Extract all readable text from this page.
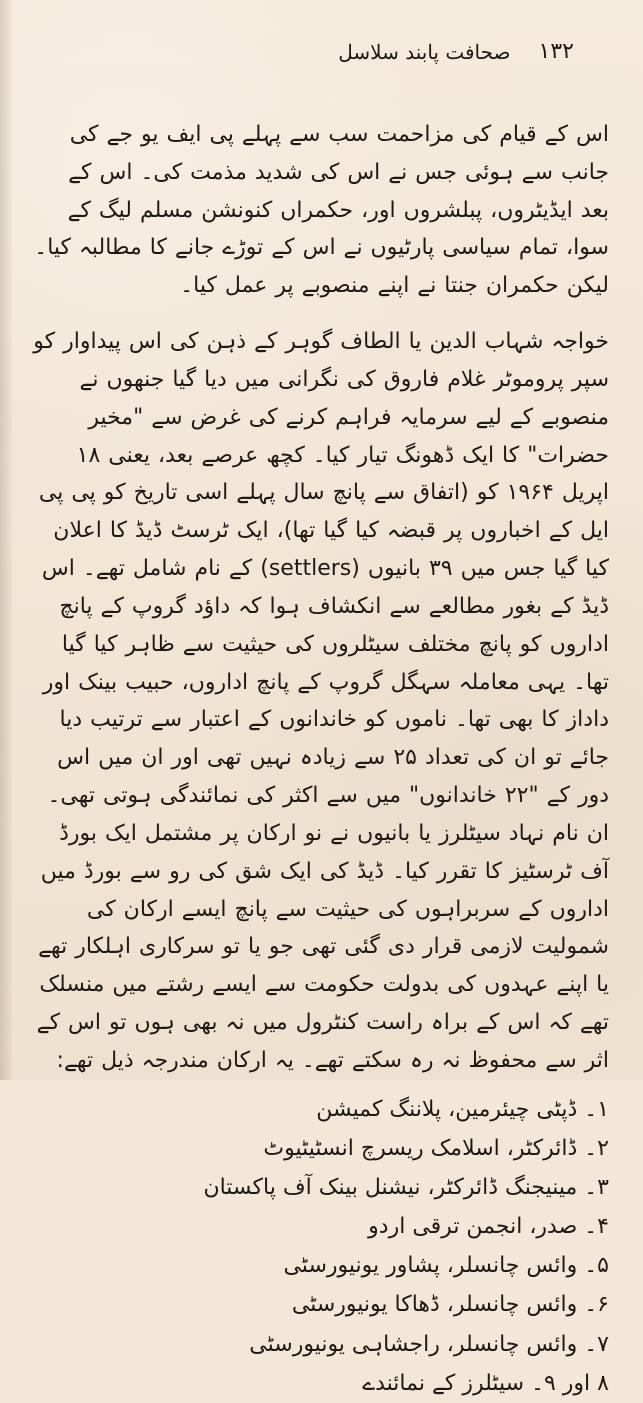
١٣٢
صحافت پابند سلاسل

اس کے قیام کی مزاحمت سب سے پہلے پی ایف یو جے کی جانب سے ہوئی جس نے اس کی شدید مذمت کی۔ اس کے بعد ایڈیٹروں، پبلشروں اور، حکمراں کنونشن مسلم لیگ کے سوا، تمام سیاسی پارٹیوں نے اس کے توڑے جانے کا مطالبہ کیا۔ لیکن حکمران جنتا نے اپنے منصوبے پر عمل کیا۔

خواجہ شہاب الدین یا الطاف گوہر کے ذہن کی اس پیداوار کو سپر پروموٹر غلام فاروق کی نگرانی میں دیا گیا جنھوں نے منصوبے کے لیے سرمایہ فراہم کرنے کی غرض سے "مخیر حضرات" کا ایک ڈھونگ تیار کیا۔ کچھ عرصے بعد، یعنی ۱۸ اپریل ۱۹۶۴ کو (اتفاق سے پانچ سال پہلے اسی تاریخ کو پی پی ایل کے اخباروں پر قبضہ کیا گیا تھا)، ایک ٹرسٹ ڈیڈ کا اعلان کیا گیا جس میں ۳۹ بانیوں (settlers) کے نام شامل تھے۔ اس ڈیڈ کے بغور مطالعے سے انکشاف ہوا کہ داؤد گروپ کے پانچ اداروں کو پانچ مختلف سیٹلروں کی حیثیت سے ظاہر کیا گیا تھا۔ یہی معاملہ سہگل گروپ کے پانچ اداروں، حبیب بینک اور داداز کا بھی تھا۔ ناموں کو خاندانوں کے اعتبار سے ترتیب دیا جائے تو ان کی تعداد ۲۵ سے زیادہ نہیں تھی اور ان میں اس دور کے "۲۲ خاندانوں" میں سے اکثر کی نمائندگی ہوتی تھی۔ ان نام نہاد سیٹلرز یا بانیوں نے نو ارکان پر مشتمل ایک بورڈ آف ٹرسٹیز کا تقرر کیا۔ ڈیڈ کی ایک شق کی رو سے بورڈ میں اداروں کے سربراہوں کی حیثیت سے پانچ ایسے ارکان کی شمولیت لازمی قرار دی گئی تھی جو یا تو سرکاری اہلکار تھے یا اپنے عہدوں کی بدولت حکومت سے ایسے رشتے میں منسلک تھے کہ اس کے براہ راست کنٹرول میں نہ بھی ہوں تو اس کے اثر سے محفوظ نہ رہ سکتے تھے۔ یہ ارکان مندرجہ ذیل تھے:

۱۔ ڈپٹی چیئرمین، پلاننگ کمیشن
۲۔ ڈائرکٹر، اسلامک ریسرچ انسٹیٹیوٹ
۳۔ مینیجنگ ڈائرکٹر، نیشنل بینک آف پاکستان
۴۔ صدر، انجمن ترقی اردو
۵۔ وائس چانسلر، پشاور یونیورسٹی
۶۔ وائس چانسلر، ڈھاکا یونیورسٹی
۷۔ وائس چانسلر، راجشاہی یونیورسٹی
۸ اور ۹۔ سیٹلرز کے نمائندے
